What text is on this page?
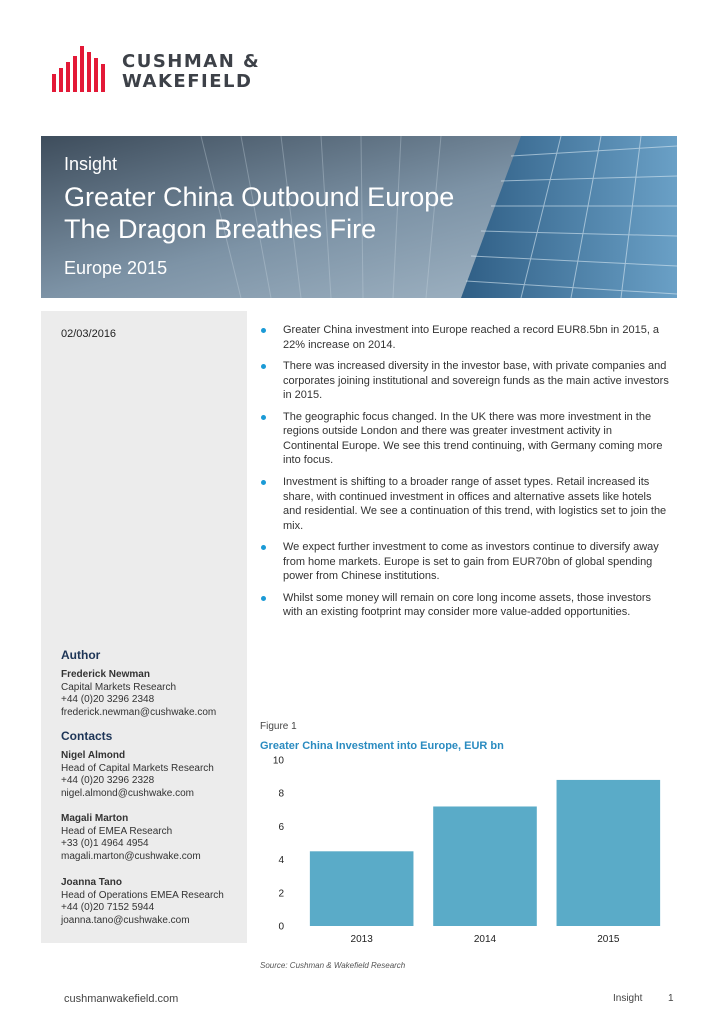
CUSHMAN &
WAKEFIELD
Insight
Greater China Outbound Europe
The Dragon Breathes Fire
Europe 2015
02/03/2016
Author
Frederick Newman
Capital Markets Research
+44 (0)20 3296 2348
frederick.newman@cushwake.com
Contacts
Nigel Almond
Head of Capital Markets Research
+44 (0)20 3296 2328
nigel.almond@cushwake.com
Magali Marton
Head of EMEA Research
+33 (0)1 4964 4954
magali.marton@cushwake.com
Joanna Tano
Head of Operations EMEA Research
+44 (0)20 7152 5944
joanna.tano@cushwake.com
Greater China investment into Europe reached a record EUR8.5bn in 2015, a 22% increase on 2014.
There was increased diversity in the investor base, with private companies and corporates joining institutional and sovereign funds as the main active investors in 2015.
The geographic focus changed. In the UK there was more investment in the regions outside London and there was greater investment activity in Continental Europe. We see this trend continuing, with Germany coming more into focus.
Investment is shifting to a broader range of asset types. Retail increased its share, with continued investment in offices and alternative assets like hotels and residential. We see a continuation of this trend, with logistics set to join the mix.
We expect further investment to come as investors continue to diversify away from home markets. Europe is set to gain from EUR70bn of global spending power from Chinese institutions.
Whilst some money will remain on core long income assets, those investors with an existing footprint may consider more value-added opportunities.
Figure 1
Greater China Investment into Europe, EUR bn
0
2
4
6
8
10
2013	2014	2015
Source: Cushman & Wakefield Research
cushmanwakefield.com	Insight	1
